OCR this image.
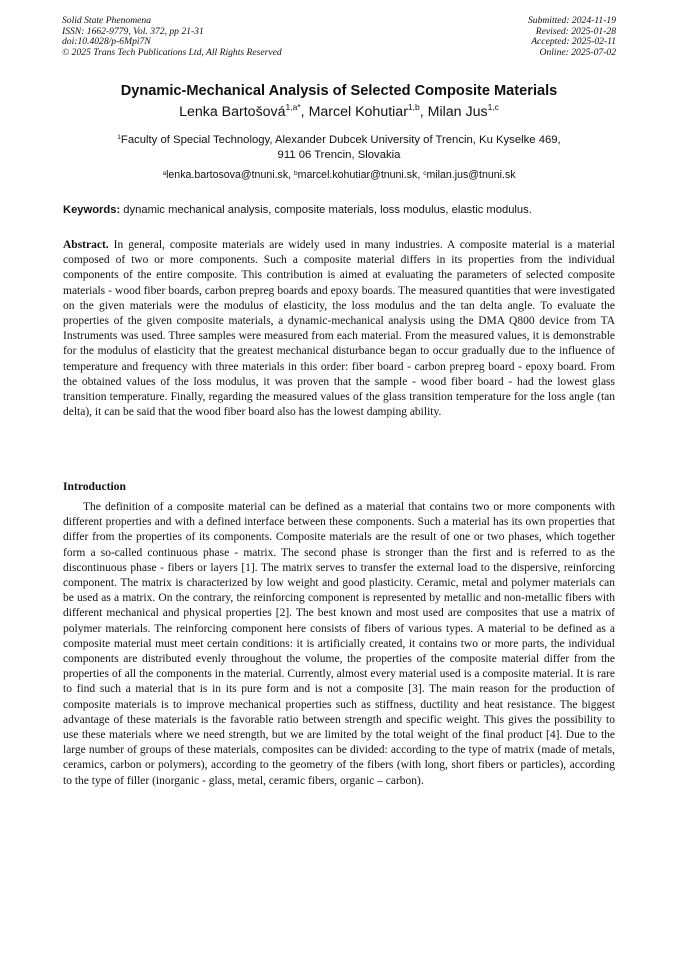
Solid State Phenomena
ISSN: 1662-9779, Vol. 372, pp 21-31
doi:10.4028/p-6Mpi7N
© 2025 Trans Tech Publications Ltd, All Rights Reserved
Submitted: 2024-11-19
Revised: 2025-01-28
Accepted: 2025-02-11
Online: 2025-07-02
Dynamic-Mechanical Analysis of Selected Composite Materials
Lenka Bartošová$^{1,a*}$, Marcel Kohutiar$^{1,b}$, Milan Jus$^{1,c}$
$^1$Faculty of Special Technology, Alexander Dubcek University of Trencin, Ku Kyselke 469,
911 06 Trencin, Slovakia
$^a$lenka.bartosova@tnuni.sk, $^b$marcel.kohutiar@tnuni.sk, $^c$milan.jus@tnuni.sk
Keywords: dynamic mechanical analysis, composite materials, loss modulus, elastic modulus.
Abstract. In general, composite materials are widely used in many industries. A composite material is a material composed of two or more components. Such a composite material differs in its properties from the individual components of the entire composite. This contribution is aimed at evaluating the parameters of selected composite materials - wood fiber boards, carbon prepreg boards and epoxy boards. The measured quantities that were investigated on the given materials were the modulus of elasticity, the loss modulus and the tan delta angle. To evaluate the properties of the given composite materials, a dynamic-mechanical analysis using the DMA Q800 device from TA Instruments was used. Three samples were measured from each material. From the measured values, it is demonstrable for the modulus of elasticity that the greatest mechanical disturbance began to occur gradually due to the influence of temperature and frequency with three materials in this order: fiber board - carbon prepreg board - epoxy board. From the obtained values of the loss modulus, it was proven that the sample - wood fiber board - had the lowest glass transition temperature. Finally, regarding the measured values of the glass transition temperature for the loss angle (tan delta), it can be said that the wood fiber board also has the lowest damping ability.
Introduction
The definition of a composite material can be defined as a material that contains two or more components with different properties and with a defined interface between these components. Such a material has its own properties that differ from the properties of its components. Composite materials are the result of one or two phases, which together form a so-called continuous phase - matrix. The second phase is stronger than the first and is referred to as the discontinuous phase - fibers or layers [1]. The matrix serves to transfer the external load to the dispersive, reinforcing component. The matrix is characterized by low weight and good plasticity. Ceramic, metal and polymer materials can be used as a matrix. On the contrary, the reinforcing component is represented by metallic and non-metallic fibers with different mechanical and physical properties [2]. The best known and most used are composites that use a matrix of polymer materials. The reinforcing component here consists of fibers of various types. A material to be defined as a composite material must meet certain conditions: it is artificially created, it contains two or more parts, the individual components are distributed evenly throughout the volume, the properties of the composite material differ from the properties of all the components in the material. Currently, almost every material used is a composite material. It is rare to find such a material that is in its pure form and is not a composite [3]. The main reason for the production of composite materials is to improve mechanical properties such as stiffness, ductility and heat resistance. The biggest advantage of these materials is the favorable ratio between strength and specific weight. This gives the possibility to use these materials where we need strength, but we are limited by the total weight of the final product [4]. Due to the large number of groups of these materials, composites can be divided: according to the type of matrix (made of metals, ceramics, carbon or polymers), according to the geometry of the fibers (with long, short fibers or particles), according to the type of filler (inorganic - glass, metal, ceramic fibers, organic – carbon).
